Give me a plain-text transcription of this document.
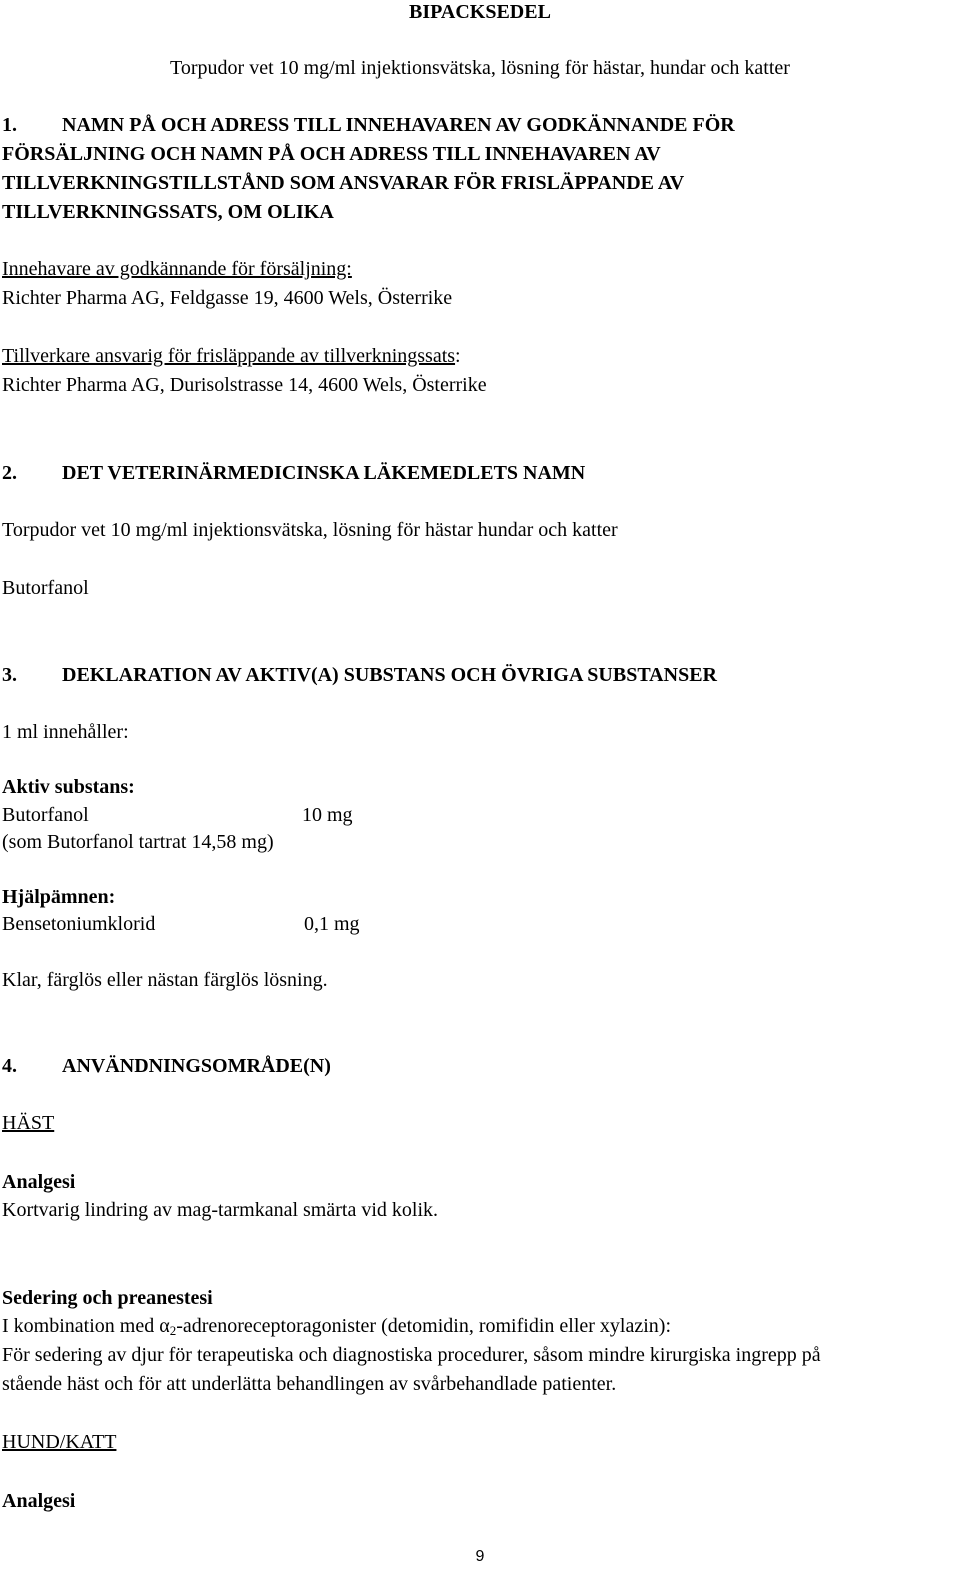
BIPACKSEDEL

Torpudor vet 10 mg/ml injektionsvätska, lösning för hästar, hundar och katter

1. NAMN PÅ OCH ADRESS TILL INNEHAVAREN AV GODKÄNNANDE FÖR

FÖRSÄLJNING OCH NAMN PÅ OCH ADRESS TILL INNEHAVAREN AV

TILLVERKNINGSTILLSTÅND SOM ANSVARAR FÖR FRISLÄPPANDE AV

TILLVERKNINGSSATS, OM OLIKA

Innehavare av godkännande för försäljning:

Richter Pharma AG, Feldgasse 19, 4600 Wels, Österrike

Tillverkare ansvarig för frisläppande av tillverkningssats:

Richter Pharma AG, Durisolstrasse 14, 4600 Wels, Österrike

2. DET VETERINÄRMEDICINSKA LÄKEMEDLETS NAMN

Torpudor vet 10 mg/ml injektionsvätska, lösning för hästar hundar och katter

Butorfanol

3. DEKLARATION AV AKTIV(A) SUBSTANS OCH ÖVRIGA SUBSTANSER

1 ml innehåller:

Aktiv substans:

Butorfanol	10 mg

(som Butorfanol tartrat 14,58 mg)

Hjälpämnen:

Bensetoniumklorid	0,1 mg

Klar, färglös eller nästan färglös lösning.

4. ANVÄNDNINGSOMRÅDE(N)

HÄST

Analgesi

Kortvarig lindring av mag-tarmkanal smärta vid kolik.

Sedering och preanestesi

I kombination med $\alpha_2$-adrenoreceptoragonister (detomidin, romifidin eller xylazin):

För sedering av djur för terapeutiska och diagnostiska procedurer, såsom mindre kirurgiska ingrepp på

stående häst och för att underlätta behandlingen av svårbehandlade patienter.

HUND/KATT

Analgesi

9
